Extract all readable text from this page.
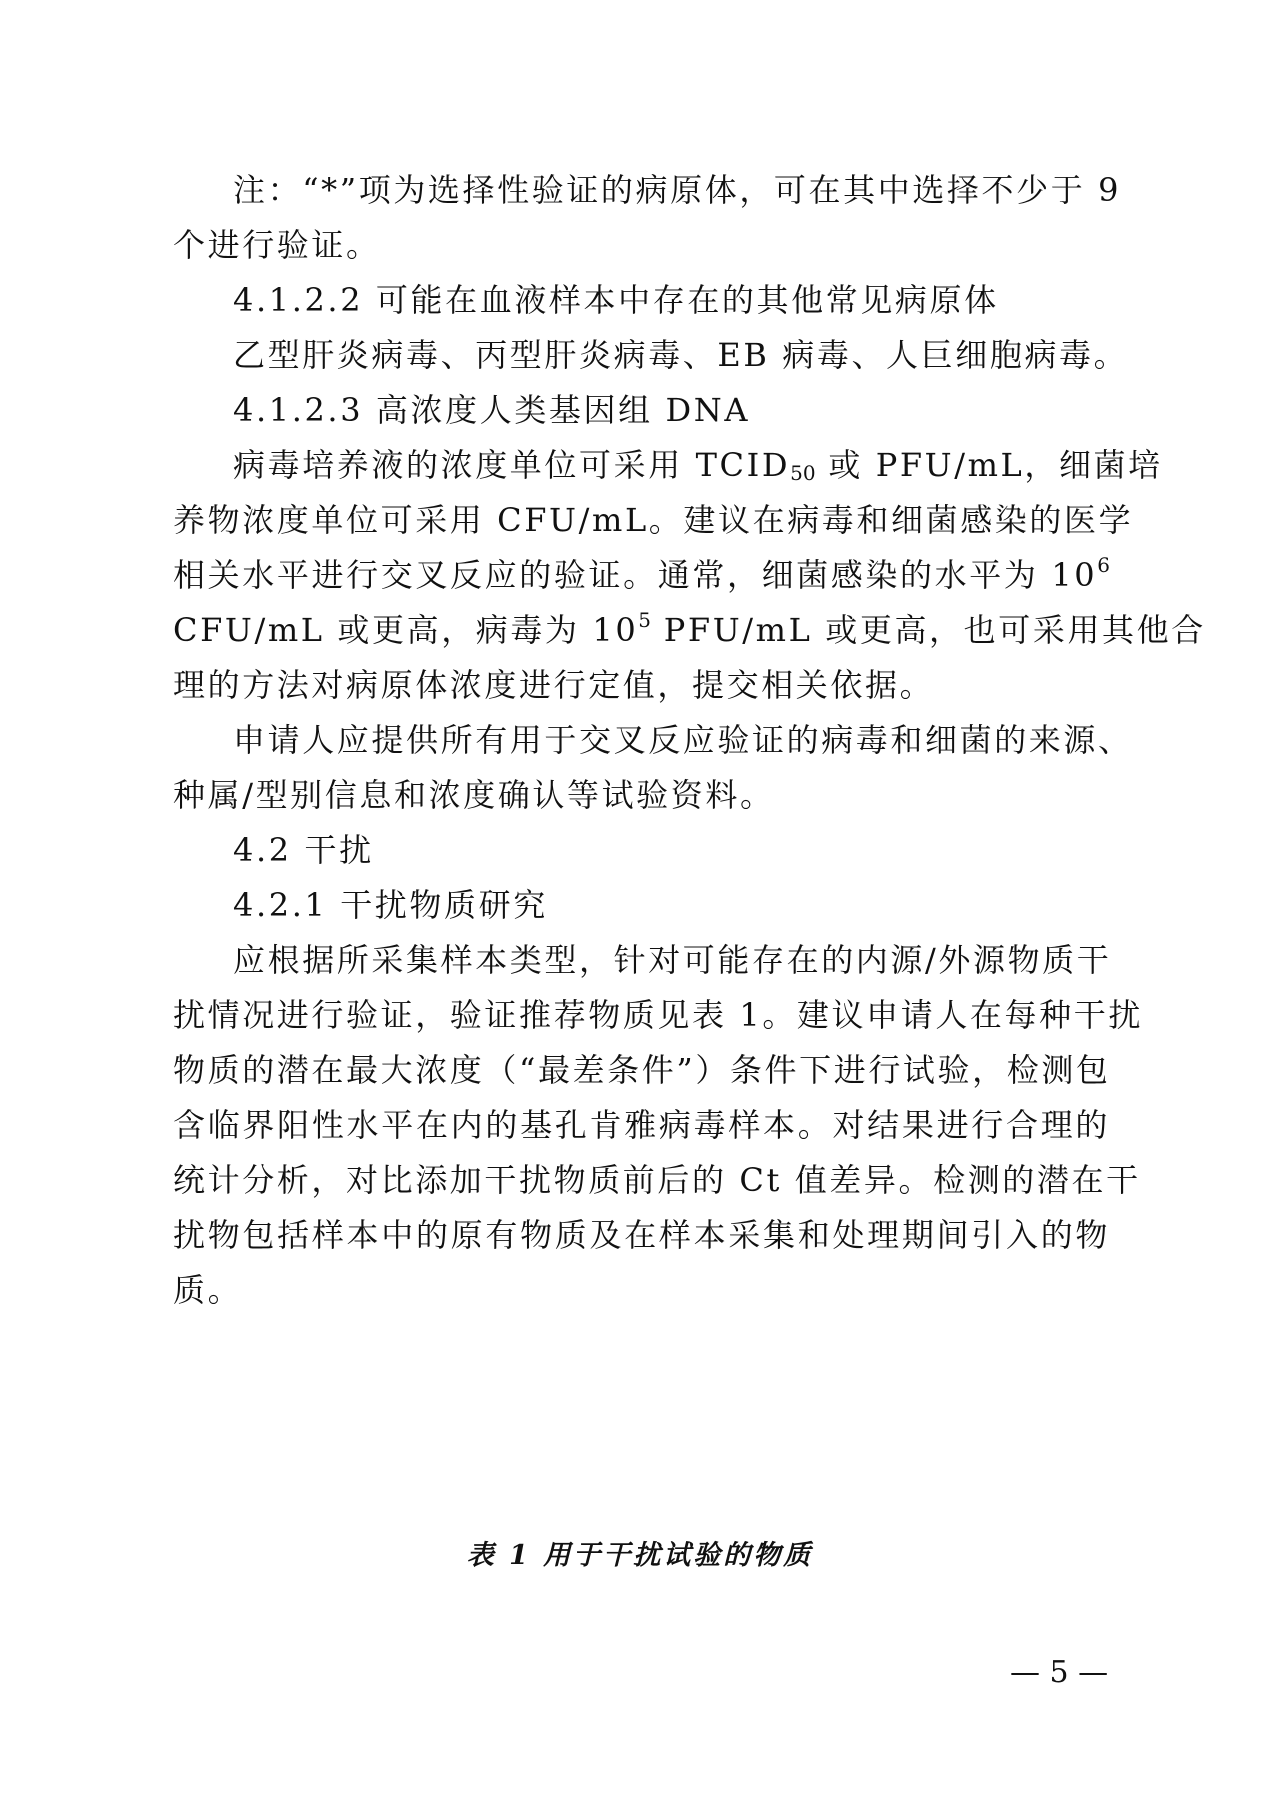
注：“*”项为选择性验证的病原体，可在其中选择不少于 9
个进行验证。
4.1.2.2 可能在血液样本中存在的其他常见病原体
乙型肝炎病毒、丙型肝炎病毒、EB 病毒、人巨细胞病毒。
4.1.2.3 高浓度人类基因组 DNA
病毒培养液的浓度单位可采用 $TCID_{50}$ 或 PFU/mL，细菌培
养物浓度单位可采用 CFU/mL。建议在病毒和细菌感染的医学
相关水平进行交叉反应的验证。通常，细菌感染的水平为 $10^6$
CFU/mL 或更高，病毒为 $10^5$ PFU/mL 或更高，也可采用其他合
理的方法对病原体浓度进行定值，提交相关依据。
申请人应提供所有用于交叉反应验证的病毒和细菌的来源、
种属/型别信息和浓度确认等试验资料。
4.2 干扰
4.2.1 干扰物质研究
应根据所采集样本类型，针对可能存在的内源/外源物质干
扰情况进行验证，验证推荐物质见表 1。建议申请人在每种干扰
物质的潜在最大浓度（“最差条件”）条件下进行试验，检测包
含临界阳性水平在内的基孔肯雅病毒样本。对结果进行合理的
统计分析，对比添加干扰物质前后的 Ct 值差异。检测的潜在干
扰物包括样本中的原有物质及在样本采集和处理期间引入的物
质。
表 1 用于干扰试验的物质
— 5 —
